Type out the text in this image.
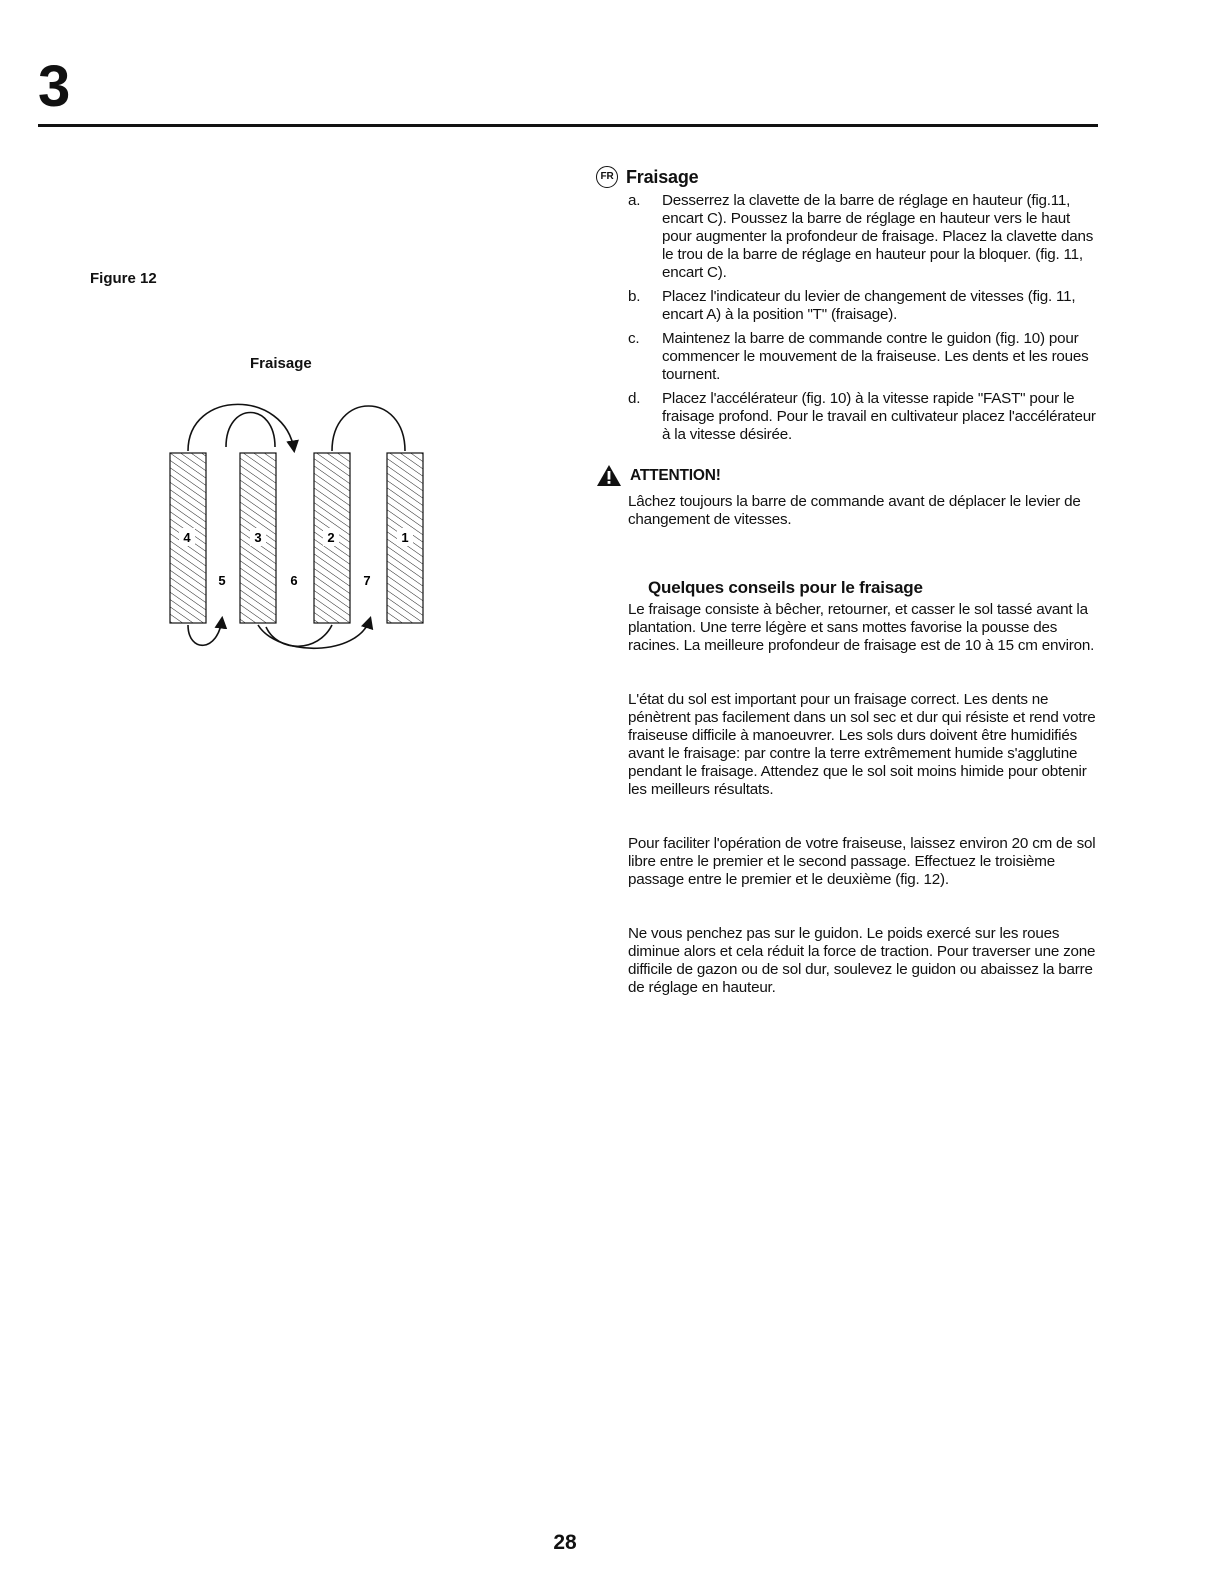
3
Figure 12
Fraisage
4	3	2	1
5	6	7
FR Fraisage
a.	Desserrez la clavette de la barre de réglage en hauteur (fig.11, encart C). Poussez la barre de réglage en hauteur vers le haut pour augmenter la profondeur de fraisage. Placez la clavette dans le trou de la barre de réglage en hauteur pour la bloquer. (fig. 11, encart C).
b.	Placez l'indicateur du levier de changement de vitesses (fig. 11, encart A) à la position "T" (fraisage).
c.	Maintenez la barre de commande contre le guidon (fig. 10) pour commencer le mouvement de la fraiseuse. Les dents et les roues tournent.
d.	Placez l'accélérateur (fig. 10) à la vitesse rapide "FAST" pour le fraisage profond. Pour le travail en cultivateur placez l'accélérateur à la vitesse désirée.
ATTENTION!
Lâchez toujours la barre de commande avant de déplacer le levier de changement de vitesses.
Quelques conseils pour le fraisage
Le fraisage consiste à bêcher, retourner, et casser le sol tassé avant la plantation. Une terre légère et sans mottes favorise la pousse des racines. La meilleure profondeur de fraisage est de 10 à 15 cm environ.
L'état du sol est important pour un fraisage correct. Les dents ne pénètrent pas facilement dans un sol sec et dur qui résiste et rend votre fraiseuse difficile à manoeuvrer. Les sols durs doivent être humidifiés avant le fraisage: par contre la terre extrêmement humide s'agglutine pendant le fraisage. Attendez que le sol soit moins himide pour obtenir les meilleurs résultats.
Pour faciliter l'opération de votre fraiseuse, laissez environ 20 cm de sol libre entre le premier et le second passage. Effectuez le troisième passage entre le premier et le deuxième (fig. 12).
Ne vous penchez pas sur le guidon. Le poids exercé sur les roues diminue alors et cela réduit la force de traction. Pour traverser une zone difficile de gazon ou de sol dur, soulevez le guidon ou abaissez la barre de réglage en hauteur.
28
